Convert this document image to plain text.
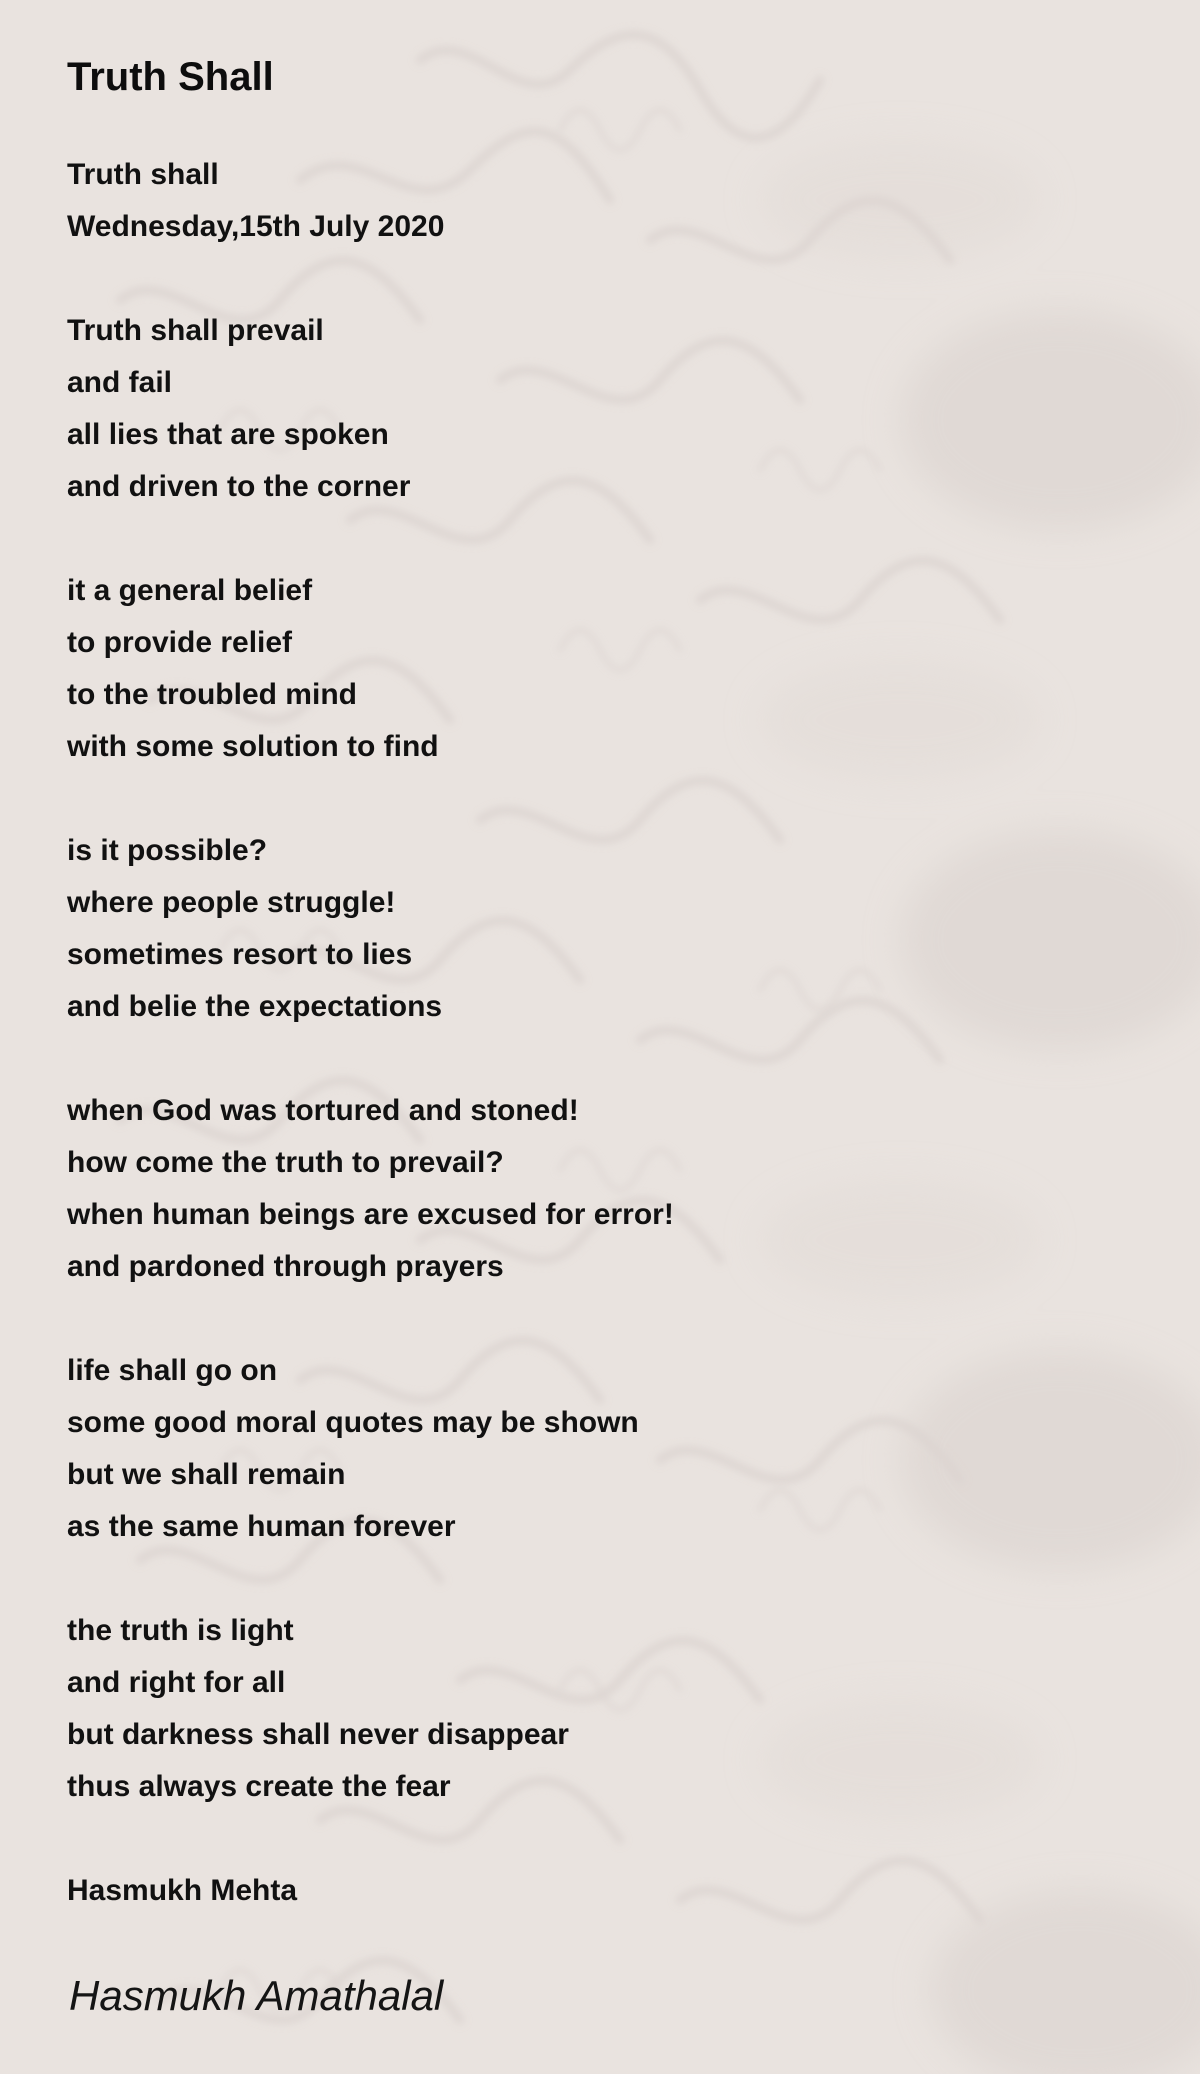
Truth Shall
Truth shall
Wednesday,15th July 2020
Truth shall prevail
and fail
all lies that are spoken
and driven to the corner
it a general belief
to provide relief
to the troubled mind
with some solution to find
is it possible?
where people struggle!
sometimes resort to lies
and belie the expectations
when God was tortured and stoned!
how come the truth to prevail?
when human beings are excused for error!
and pardoned through prayers
life shall go on
some good moral quotes may be shown
but we shall remain
as the same human forever
the truth is light
and right for all
but darkness shall never disappear
thus always create the fear
Hasmukh Mehta
Hasmukh Amathalal
